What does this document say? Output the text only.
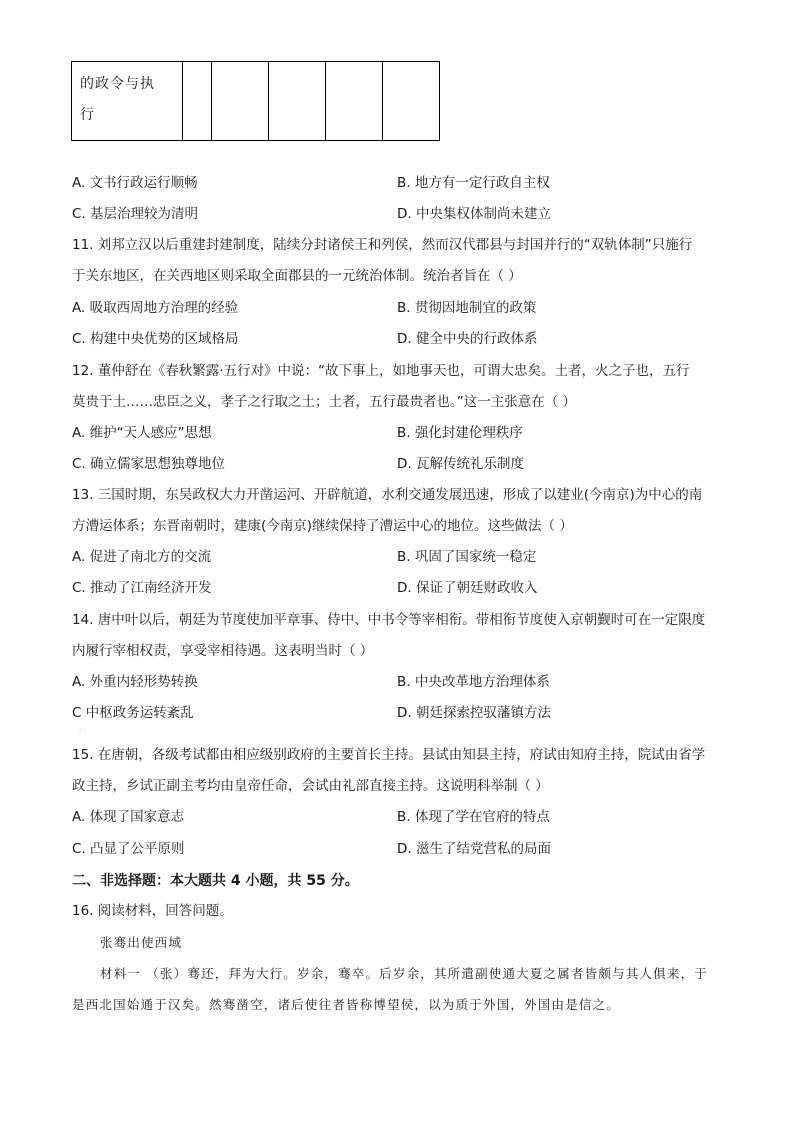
的政令与执
行					
A. 文书行政运行顺畅	B. 地方有一定行政自主权
C. 基层治理较为清明	D. 中央集权体制尚未建立
11. 刘邦立汉以后重建封建制度，陆续分封诸侯王和列侯，然而汉代郡县与封国并行的“双轨体制”只施行
于关东地区，在关西地区则采取全面郡县的一元统治体制。统治者旨在（ ）
A. 吸取西周地方治理的经验	B. 贯彻因地制宜的政策
C. 构建中央优势的区域格局	D. 健全中央的行政体系
12. 董仲舒在《春秋繁露·五行对》中说：“故下事上，如地事天也，可谓大忠矣。土者，火之子也，五行
莫贵于土……忠臣之义，孝子之行取之土；土者，五行最贵者也。”这一主张意在（ ）
A. 维护“天人感应”思想	B. 强化封建伦理秩序
C. 确立儒家思想独尊地位	D. 瓦解传统礼乐制度
13. 三国时期，东吴政权大力开凿运河、开辟航道，水利交通发展迅速，形成了以建业(今南京)为中心的南
方漕运体系；东晋南朝时，建康(今南京)继续保持了漕运中心的地位。这些做法（ ）
A. 促进了南北方的交流	B. 巩固了国家统一稳定
C. 推动了江南经济开发	D. 保证了朝廷财政收入
14. 唐中叶以后，朝廷为节度使加平章事、侍中、中书令等宰相衔。带相衔节度使入京朝觐时可在一定限度
内履行宰相权责，享受宰相待遇。这表明当时（ ）
A. 外重内轻形势转换	B. 中央改革地方治理体系
C 中枢政务运转紊乱	D. 朝廷探索控驭藩镇方法
·
15. 在唐朝，各级考试都由相应级别政府的主要首长主持。县试由知县主持，府试由知府主持，院试由省学
政主持，乡试正副主考均由皇帝任命，会试由礼部直接主持。这说明科举制（ ）
A. 体现了国家意志	B. 体现了学在官府的特点
C. 凸显了公平原则	D. 滋生了结党营私的局面
二、非选择题：本大题共 4 小题，共 55 分。
16. 阅读材料，回答问题。
张骞出使西域
材料一 （张）骞还，拜为大行。岁余，骞卒。后岁余，其所遣副使通大夏之属者皆颇与其人俱来，于
是西北国始通于汉矣。然骞凿空，诸后使往者皆称博望侯，以为质于外国，外国由是信之。
